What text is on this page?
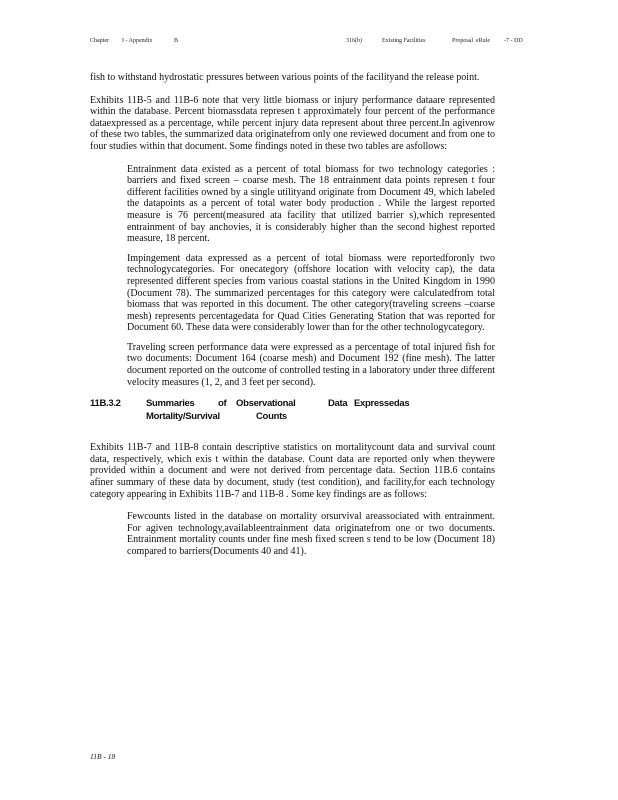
Chapter I - Appendix	B	316(b)	Existing Facilities	Proposal eRule -7 - DD

fish to withstand hydrostatic pressures between various points of the facilityand the release point.

Exhibits 11B-5 and 11B-6 note that very little biomass or injury performance dataare represented within the database. Percent biomassdata represen t approximately four percent of the performance dataexpressed as a percentage, while percent injury data represent about three percent.In agivenrow of these two tables, the summarized data originatefrom only one reviewed document and from one to four studies within that document. Some findings noted in these two tables are asfollows:

Entrainment data existed as a percent of total biomass for two technology categories : barriers and fixed screen – coarse mesh. The 18 entrainment data points represen t four different facilities owned by a single utilityand originate from Document 49, which labeled the datapoints as a percent of total water body production . While the largest reported measure is 76 percent(measured ata facility that utilized barrier s),which represented entrainment of bay anchovies, it is considerably higher than the second highest reported measure, 18 percent.
Impingement data expressed as a percent of total biomass were reportedforonly two technologycategories. For onecategory (offshore location with velocity cap), the data represented different species from various coastal stations in the United Kingdom in 1990 (Document 78). The summarized percentages for this category were calculatedfrom total biomass that was reported in this document. The other category(traveling screens –coarse mesh) represents percentagedata for Quad Cities Generating Station that was reported for Document 60. These data were considerably lower than for the other technologycategory.
Traveling screen performance data were expressed as a percentage of total injured fish for two documents: Document 164 (coarse mesh) and Document 192 (fine mesh). The latter document reported on the outcome of controlled testing in a laboratory under three different velocity measures (1, 2, and 3 feet per second).
11B.3.2	Summaries of Observational	Data Expressedas
Mortality/Survival	Counts

Exhibits 11B-7 and 11B-8 contain descriptive statistics on mortalitycount data and survival count data, respectively, which exis t within the database. Count data are reported only when theywere provided within a document and were not derived from percentage data. Section 11B.6 contains afiner summary of these data by document, study (test condition), and facility,for each technology category appearing in Exhibits 11B-7 and 11B-8 . Some key findings are as follows:

Fewcounts listed in the database on mortality orsurvival areassociated with entrainment. For agiven technology,availableentrainment data originatefrom one or two documents. Entrainment mortality counts under fine mesh fixed screen s tend to be low (Document 18) compared to barriers(Documents 40 and 41).
11B - 18
